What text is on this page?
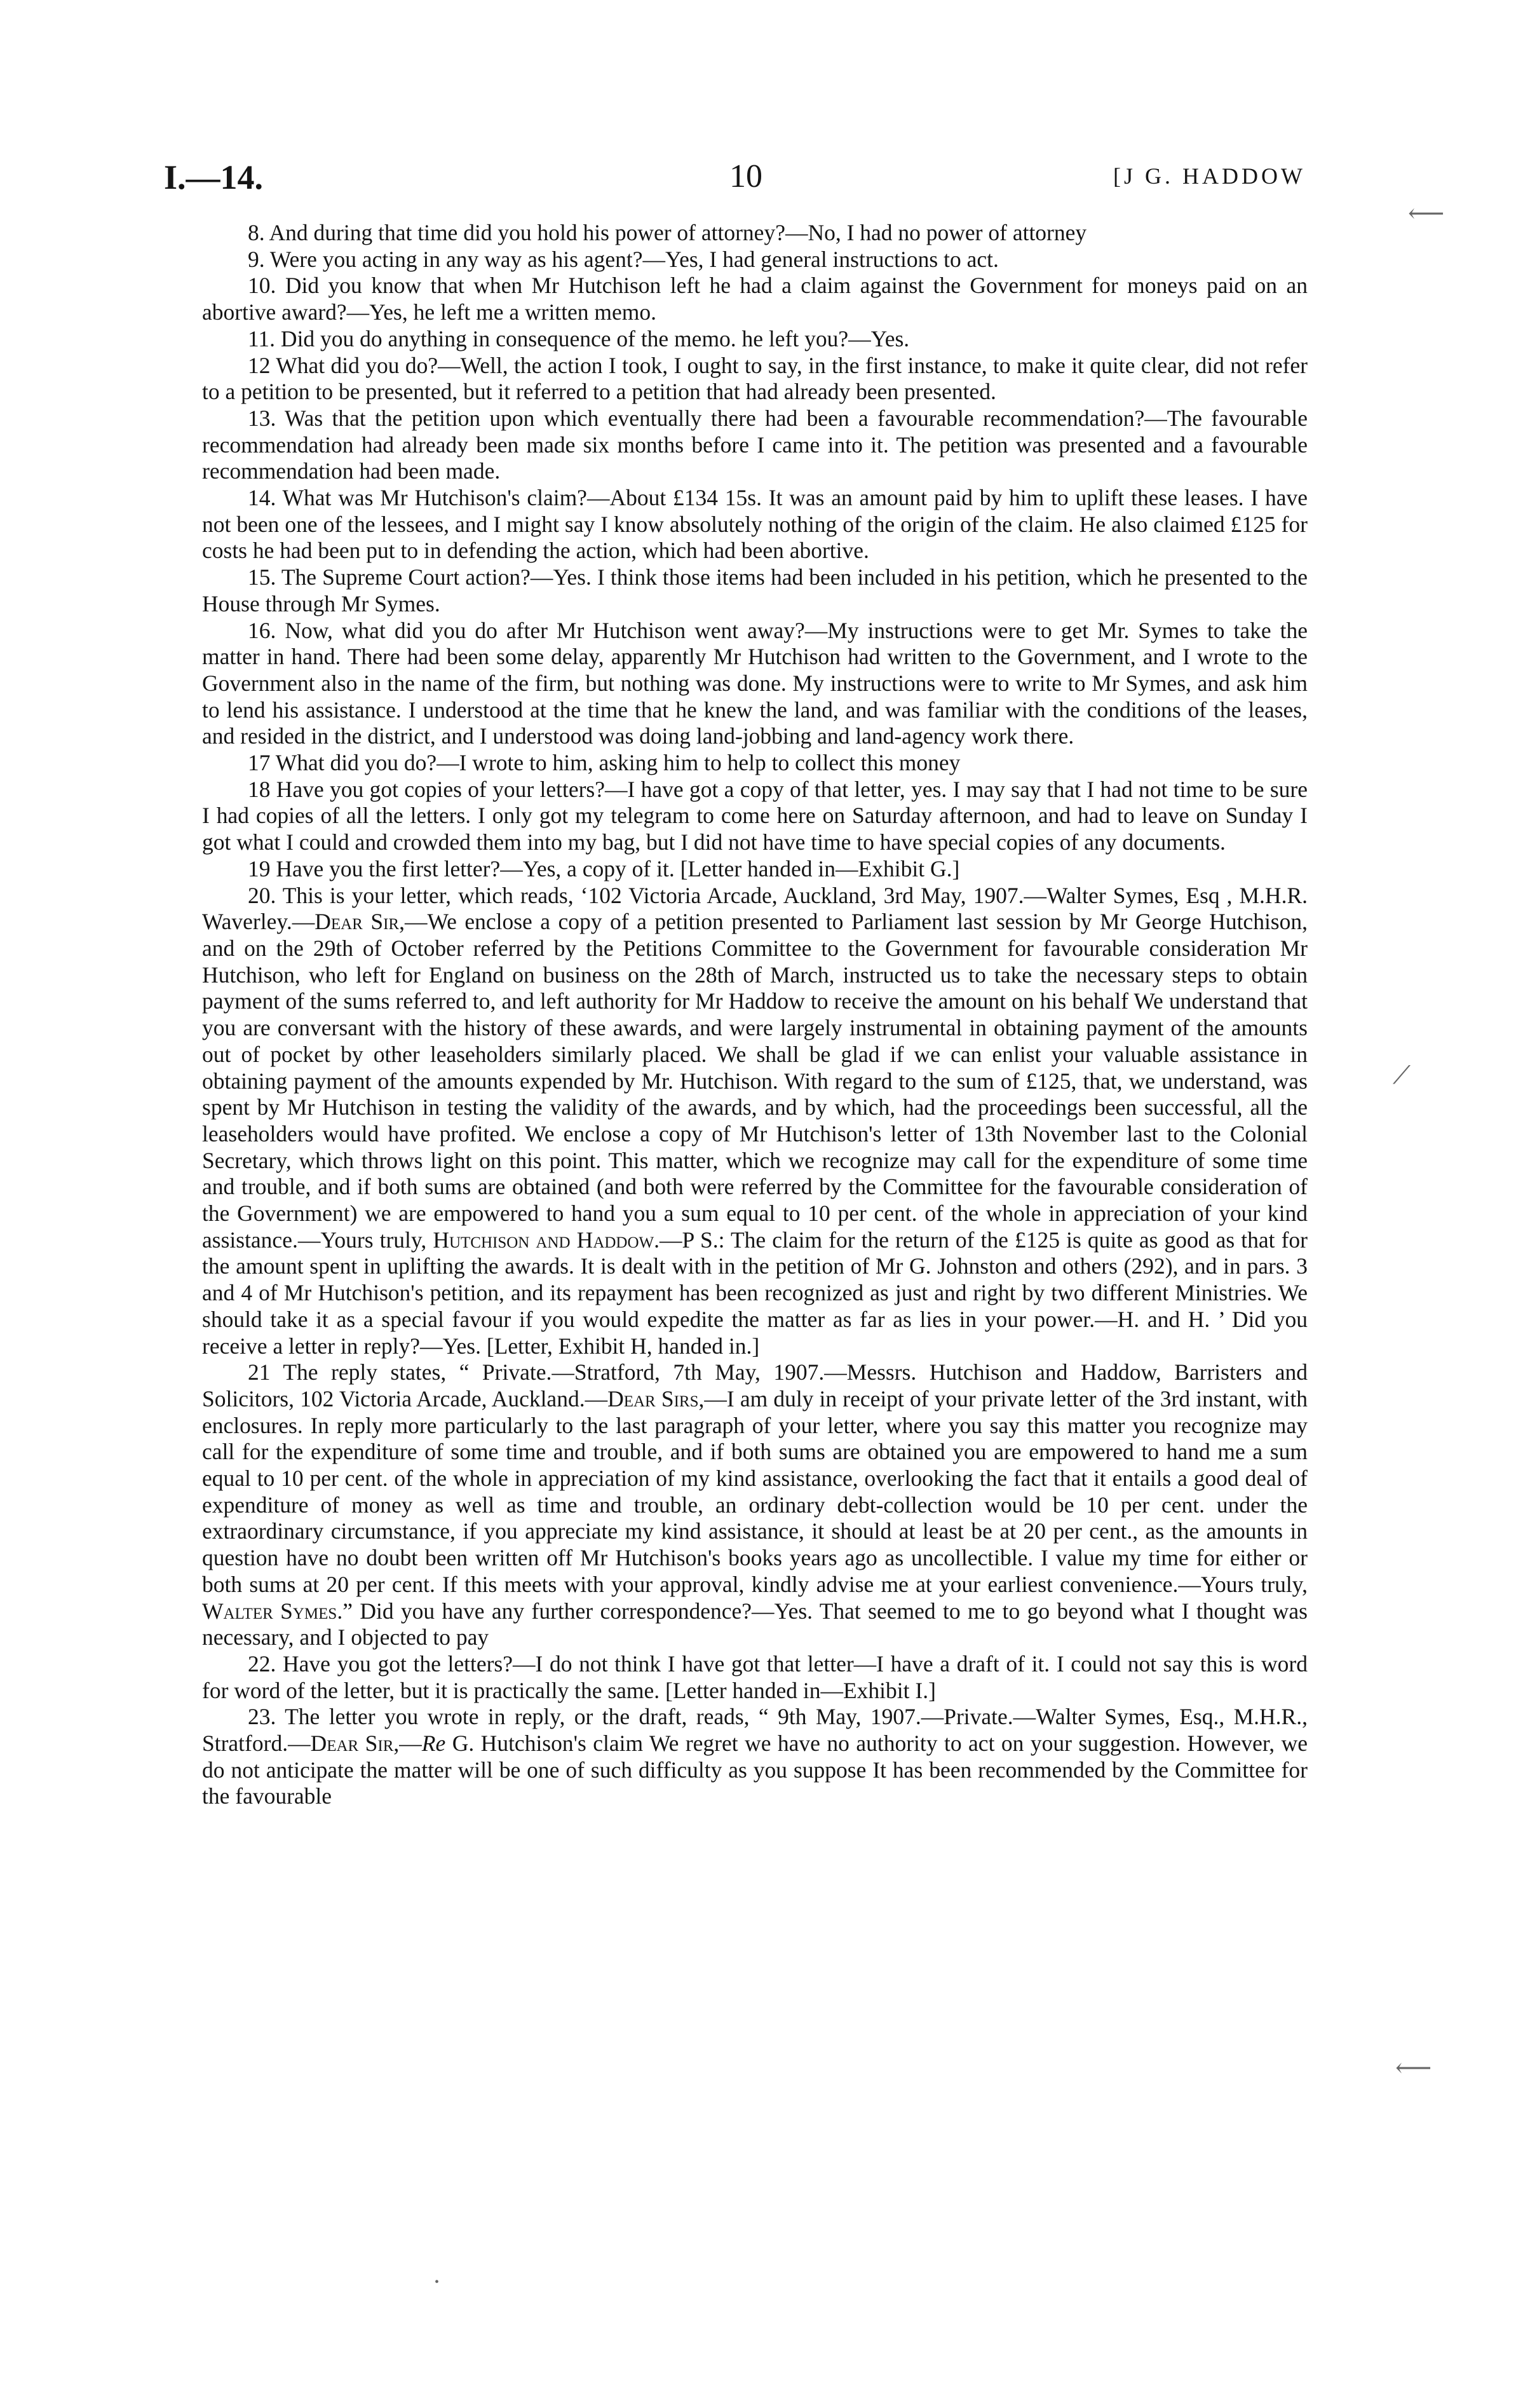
I.—14.	10	[J G. HADDOW
⟵
⟋
⟵

8. And during that time did you hold his power of attorney?—No, I had no power of attorney

9. Were you acting in any way as his agent?—Yes, I had general instructions to act.

10. Did you know that when Mr Hutchison left he had a claim against the Government for moneys paid on an abortive award?—Yes, he left me a written memo.

11. Did you do anything in consequence of the memo. he left you?—Yes.

12 What did you do?—Well, the action I took, I ought to say, in the first instance, to make it quite clear, did not refer to a petition to be presented, but it referred to a petition that had already been presented.

13. Was that the petition upon which eventually there had been a favourable recommendation?—The favourable recommendation had already been made six months before I came into it. The petition was presented and a favourable recommendation had been made.

14. What was Mr Hutchison's claim?—About £134 15s. It was an amount paid by him to uplift these leases. I have not been one of the lessees, and I might say I know absolutely nothing of the origin of the claim. He also claimed £125 for costs he had been put to in defending the action, which had been abortive.

15. The Supreme Court action?—Yes. I think those items had been included in his petition, which he presented to the House through Mr Symes.

16. Now, what did you do after Mr Hutchison went away?—My instructions were to get Mr. Symes to take the matter in hand. There had been some delay, apparently Mr Hutchison had written to the Government, and I wrote to the Government also in the name of the firm, but nothing was done. My instructions were to write to Mr Symes, and ask him to lend his assistance. I understood at the time that he knew the land, and was familiar with the conditions of the leases, and resided in the district, and I understood was doing land-jobbing and land-agency work there.

17 What did you do?—I wrote to him, asking him to help to collect this money

18 Have you got copies of your letters?—I have got a copy of that letter, yes. I may say that I had not time to be sure I had copies of all the letters. I only got my telegram to come here on Saturday afternoon, and had to leave on Sunday I got what I could and crowded them into my bag, but I did not have time to have special copies of any documents.

19 Have you the first letter?—Yes, a copy of it. [Letter handed in—Exhibit G.]

20. This is your letter, which reads, ‘102 Victoria Arcade, Auckland, 3rd May, 1907.—Walter Symes, Esq , M.H.R. Waverley.—Dear Sir,—We enclose a copy of a petition presented to Parliament last session by Mr George Hutchison, and on the 29th of October referred by the Petitions Committee to the Government for favourable consideration Mr Hutchison, who left for England on business on the 28th of March, instructed us to take the necessary steps to obtain payment of the sums referred to, and left authority for Mr Haddow to receive the amount on his behalf We understand that you are conversant with the history of these awards, and were largely instrumental in obtaining payment of the amounts out of pocket by other leaseholders similarly placed. We shall be glad if we can enlist your valuable assistance in obtaining payment of the amounts expended by Mr. Hutchison. With regard to the sum of £125, that, we understand, was spent by Mr Hutchison in testing the validity of the awards, and by which, had the proceedings been successful, all the leaseholders would have profited. We enclose a copy of Mr Hutchison's letter of 13th November last to the Colonial Secretary, which throws light on this point. This matter, which we recognize may call for the expenditure of some time and trouble, and if both sums are obtained (and both were referred by the Committee for the favourable consideration of the Government) we are empowered to hand you a sum equal to 10 per cent. of the whole in appreciation of your kind assistance.—Yours truly, Hutchison and Haddow.—P S.: The claim for the return of the £125 is quite as good as that for the amount spent in uplifting the awards. It is dealt with in the petition of Mr G. Johnston and others (292), and in pars. 3 and 4 of Mr Hutchison's petition, and its repayment has been recognized as just and right by two different Ministries. We should take it as a special favour if you would expedite the matter as far as lies in your power.—H. and H. ’ Did you receive a letter in reply?—Yes. [Letter, Exhibit H, handed in.]

21 The reply states, “ Private.—Stratford, 7th May, 1907.—Messrs. Hutchison and Haddow, Barristers and Solicitors, 102 Victoria Arcade, Auckland.—Dear Sirs,—I am duly in receipt of your private letter of the 3rd instant, with enclosures. In reply more particularly to the last paragraph of your letter, where you say this matter you recognize may call for the expenditure of some time and trouble, and if both sums are obtained you are empowered to hand me a sum equal to 10 per cent. of the whole in appreciation of my kind assistance, overlooking the fact that it entails a good deal of expenditure of money as well as time and trouble, an ordinary debt-collection would be 10 per cent. under the extraordinary circumstance, if you appreciate my kind assistance, it should at least be at 20 per cent., as the amounts in question have no doubt been written off Mr Hutchison's books years ago as uncollectible. I value my time for either or both sums at 20 per cent. If this meets with your approval, kindly advise me at your earliest convenience.—Yours truly, Walter Symes.” Did you have any further correspondence?—Yes. That seemed to me to go beyond what I thought was necessary, and I objected to pay

22. Have you got the letters?—I do not think I have got that letter—I have a draft of it. I could not say this is word for word of the letter, but it is practically the same. [Letter handed in—Exhibit I.]

23. The letter you wrote in reply, or the draft, reads, “ 9th May, 1907.—Private.—Walter Symes, Esq., M.H.R., Stratford.—Dear Sir,—Re G. Hutchison's claim We regret we have no authority to act on your suggestion. However, we do not anticipate the matter will be one of such difficulty as you suppose It has been recommended by the Committee for the favourable

•
